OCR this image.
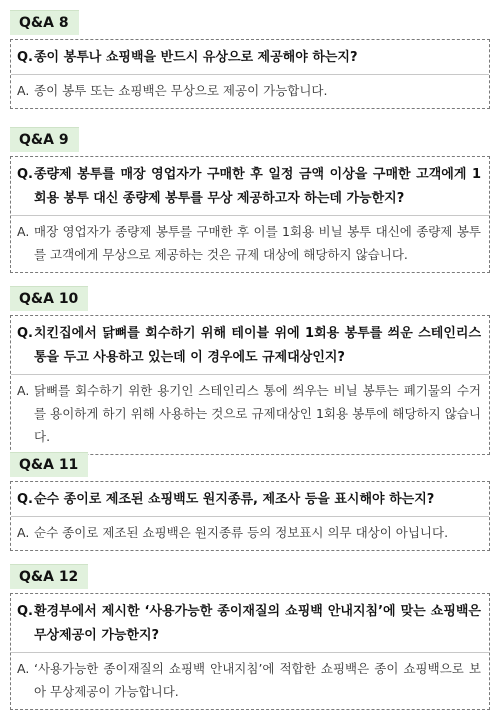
Q&A 8
Q. 종이 봉투나 쇼핑백을 반드시 유상으로 제공해야 하는지?
A. 종이 봉투 또는 쇼핑백은 무상으로 제공이 가능합니다.
Q&A 9
Q. 종량제 봉투를 매장 영업자가 구매한 후 일정 금액 이상을 구매한 고객에게 1회용 봉투 대신 종량제 봉투를 무상 제공하고자 하는데 가능한지?
A. 매장 영업자가 종량제 봉투를 구매한 후 이를 1회용 비닐 봉투 대신에 종량제 봉투를 고객에게 무상으로 제공하는 것은 규제 대상에 해당하지 않습니다.
Q&A 10
Q. 치킨집에서 닭뼈를 회수하기 위해 테이블 위에 1회용 봉투를 씌운 스테인리스 통을 두고 사용하고 있는데 이 경우에도 규제대상인지?
A. 닭뼈를 회수하기 위한 용기인 스테인리스 통에 씌우는 비닐 봉투는 폐기물의 수거를 용이하게 하기 위해 사용하는 것으로 규제대상인 1회용 봉투에 해당하지 않습니다.
Q&A 11
Q. 순수 종이로 제조된 쇼핑백도 원지종류, 제조사 등을 표시해야 하는지?
A. 순수 종이로 제조된 쇼핑백은 원지종류 등의 정보표시 의무 대상이 아닙니다.
Q&A 12
Q. 환경부에서 제시한 ‘사용가능한 종이재질의 쇼핑백 안내지침’에 맞는 쇼핑백은 무상제공이 가능한지?
A. ‘사용가능한 종이재질의 쇼핑백 안내지침’에 적합한 쇼핑백은 종이 쇼핑백으로 보아 무상제공이 가능합니다.
